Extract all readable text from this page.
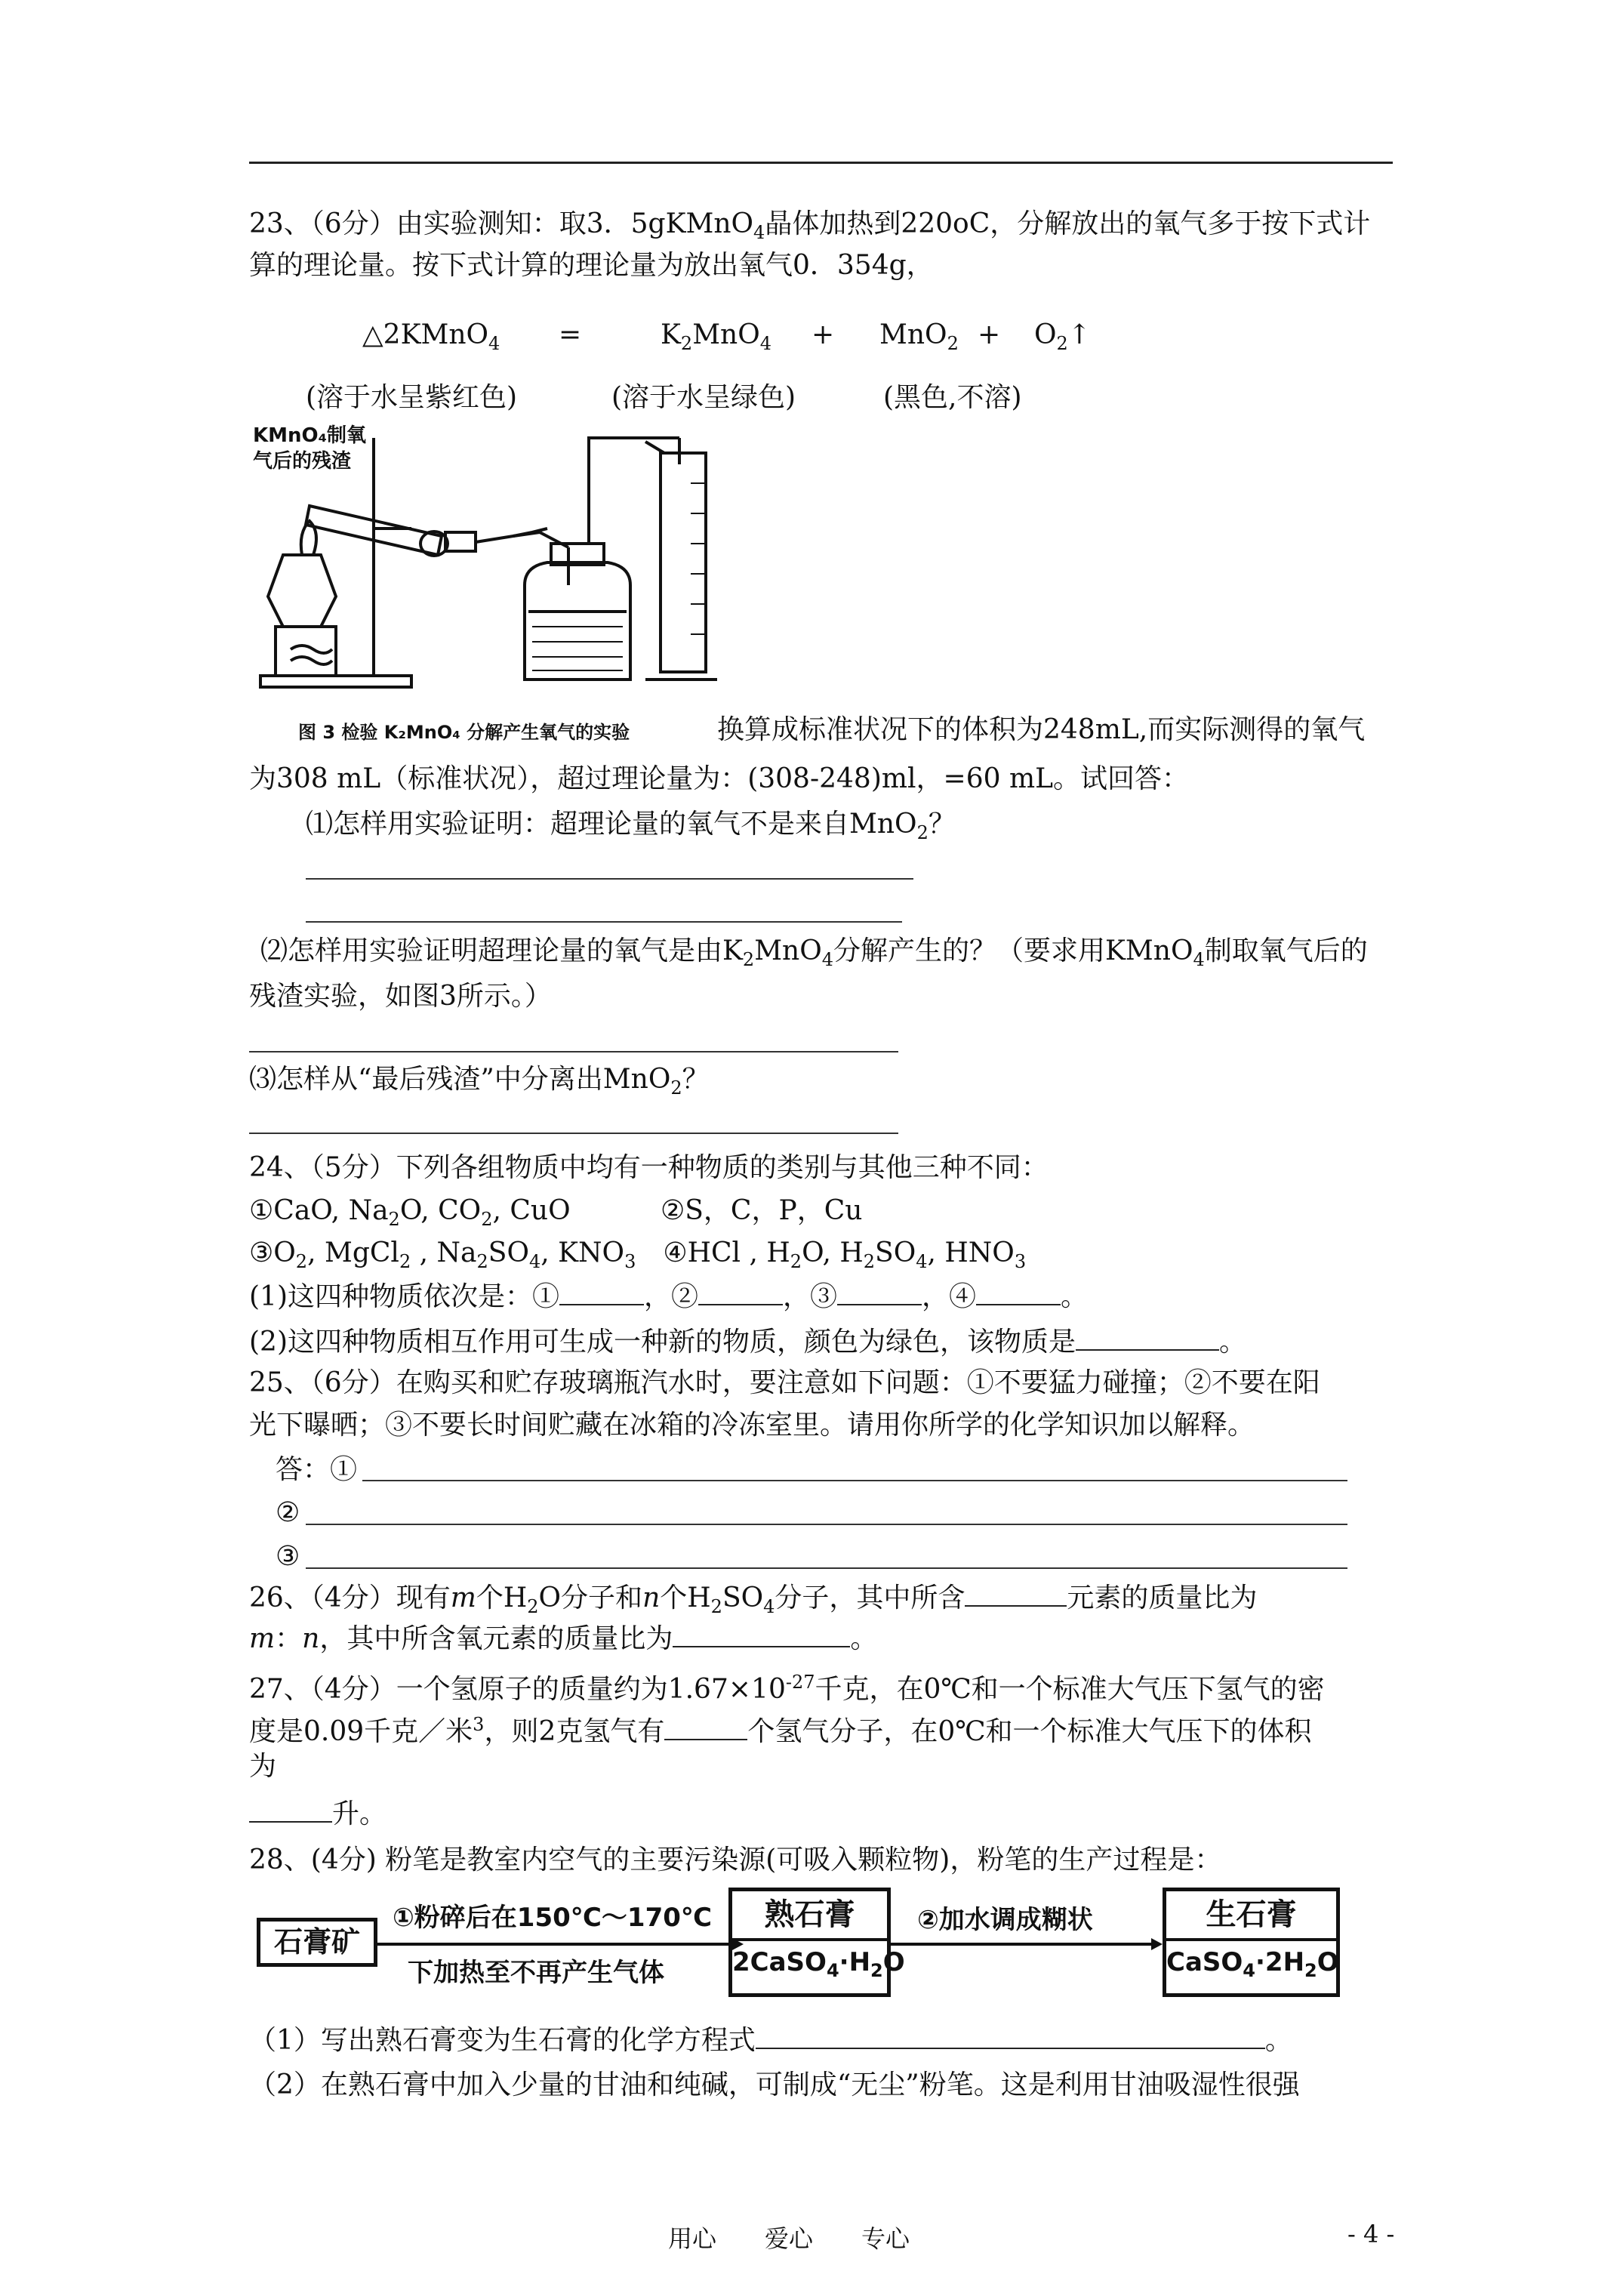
23、（6分）由实验测知：取3．5gKMnO$_4$晶体加热到220oC，分解放出的氧气多于按下式计
算的理论量。按下式计算的理论量为放出氧气0．354g，
△2KMnO$_4$ =	$K_2MnO_4 + MnO_2$ + $O_2↑$
(溶于水呈紫红色)	(溶于水呈绿色)	(黑色,不溶)
KMnO₄制氧
气后的残渣
图 3 检验 K₂MnO₄ 分解产生氧气的实验	换算成标准状况下的体积为248mL,而实际测得的氧气
为308 mL（标准状况），超过理论量为：(308-248)ml，=60 mL。试回答：
⑴怎样用实验证明：超理论量的氧气不是来自MnO$_2$？
⑵怎样用实验证明超理论量的氧气是由$K_2MnO_4$分解产生的？（要求用KMnO$_4$制取氧气后的
残渣实验，如图3所示。）
⑶怎样从“最后残渣”中分离出MnO$_2$？
24、（5分）下列各组物质中均有一种物质的类别与其他三种不同：
①CaO, $Na_2O$, $CO_2$, CuO	②S，C，P，Cu
$③O_2$, MgCl$_2$ , $Na_2SO_4$, $KNO_3$ ④HCl , $H_2O$, $H_2SO_4$, $HNO_3$
(1)这四种物质依次是：①	，②	，③	，④	。
(2)这四种物质相互作用可生成一种新的物质，颜色为绿色，该物质是	。
25、（6分）在购买和贮存玻璃瓶汽水时，要注意如下问题：①不要猛力碰撞；②不要在阳
光下曝晒；③不要长时间贮藏在冰箱的冷冻室里。请用你所学的化学知识加以解释。
答：①
②
③
26、（4分）现有m个$H_2O$分子和n个$H_2SO_4$分子，其中所含	元素的质量比为
m：n，其中所含氧元素的质量比为	。
27、（4分）一个氢原子的质量约为$1.67\times 10^{-27}$千克，在0℃和一个标准大气压下氢气的密
度是0.09千克／米$^3$，则2克氢气有	个氢气分子，在0℃和一个标准大气压下的体积
为
升。
28、(4分) 粉笔是教室内空气的主要污染源(可吸入颗粒物)，粉笔的生产过程是：
石膏矿
①粉碎后在150℃～170℃
下加热至不再产生气体
熟石膏
$2CaSO_4\cdot H_2O$
②加水调成糊状	生石膏
$CaSO_4\cdot 2H_2O$
（1）写出熟石膏变为生石膏的化学方程式	。
（2）在熟石膏中加入少量的甘油和纯碱，可制成“无尘”粉笔。这是利用甘油吸湿性很强
用心　　爱心　　专心	- 4 -
